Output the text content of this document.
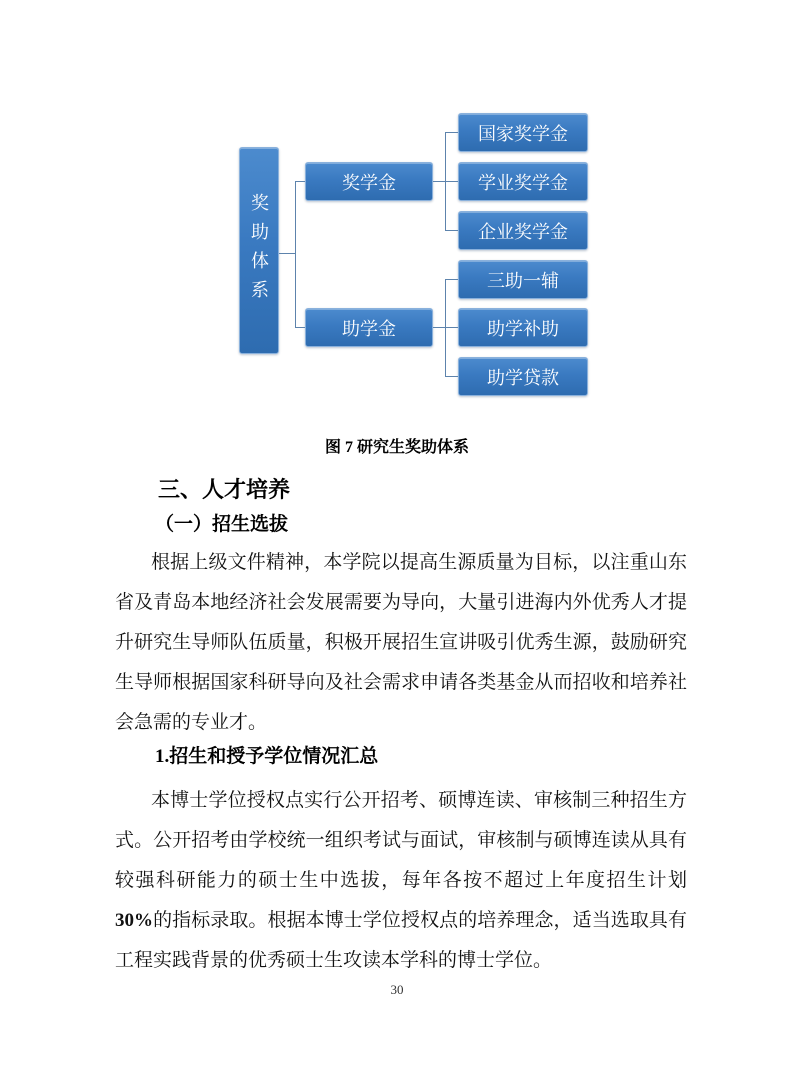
奖助体系
奖学金
助学金
国家奖学金
学业奖学金
企业奖学金
三助一辅
助学补助
助学贷款
图 7 研究生奖助体系
三、人才培养
（一）招生选拔

根据上级文件精神，本学院以提高生源质量为目标，以注重山东省及青岛本地经济社会发展需要为导向，大量引进海内外优秀人才提升研究生导师队伍质量，积极开展招生宣讲吸引优秀生源，鼓励研究生导师根据国家科研导向及社会需求申请各类基金从而招收和培养社会急需的专业才。

1.招生和授予学位情况汇总

本博士学位授权点实行公开招考、硕博连读、审核制三种招生方式。公开招考由学校统一组织考试与面试，审核制与硕博连读从具有较强科研能力的硕士生中选拔，每年各按不超过上年度招生计划 30%的指标录取。根据本博士学位授权点的培养理念，适当选取具有工程实践背景的优秀硕士生攻读本学科的博士学位。

30
